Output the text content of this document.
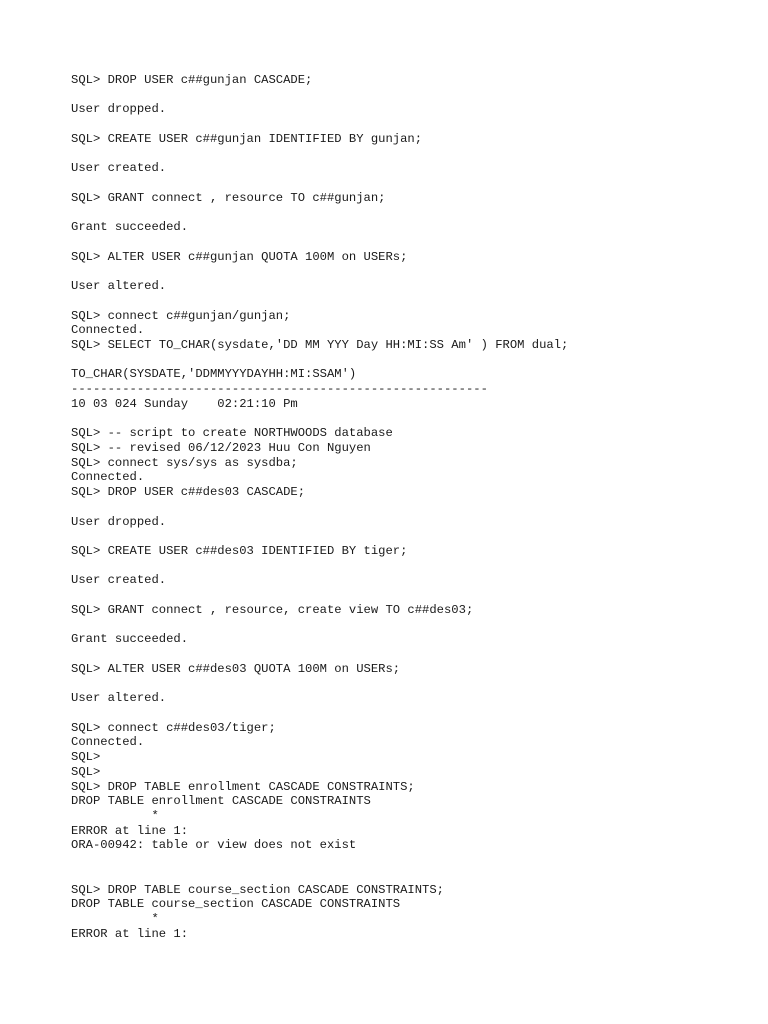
SQL> DROP USER c##gunjan CASCADE;
User dropped.
SQL> CREATE USER c##gunjan IDENTIFIED BY gunjan;
User created.
SQL> GRANT connect , resource TO c##gunjan;
Grant succeeded.
SQL> ALTER USER c##gunjan QUOTA 100M on USERs;
User altered.
SQL> connect c##gunjan/gunjan;
Connected.
SQL> SELECT TO_CHAR(sysdate,'DD MM YYY Day HH:MI:SS Am' ) FROM dual;
TO_CHAR(SYSDATE,'DDMMYYYDAYHH:MI:SSAM')
---------------------------------------------------------
10 03 024 Sunday    02:21:10 Pm
SQL> -- script to create NORTHWOODS database
SQL> -- revised 06/12/2023 Huu Con Nguyen
SQL> connect sys/sys as sysdba;
Connected.
SQL> DROP USER c##des03 CASCADE;
User dropped.
SQL> CREATE USER c##des03 IDENTIFIED BY tiger;
User created.
SQL> GRANT connect , resource, create view TO c##des03;
Grant succeeded.
SQL> ALTER USER c##des03 QUOTA 100M on USERs;
User altered.
SQL> connect c##des03/tiger;
Connected.
SQL>
SQL>
SQL> DROP TABLE enrollment CASCADE CONSTRAINTS;
DROP TABLE enrollment CASCADE CONSTRAINTS
*
ERROR at line 1:
ORA-00942: table or view does not exist
SQL> DROP TABLE course_section CASCADE CONSTRAINTS;
DROP TABLE course_section CASCADE CONSTRAINTS
*
ERROR at line 1:
